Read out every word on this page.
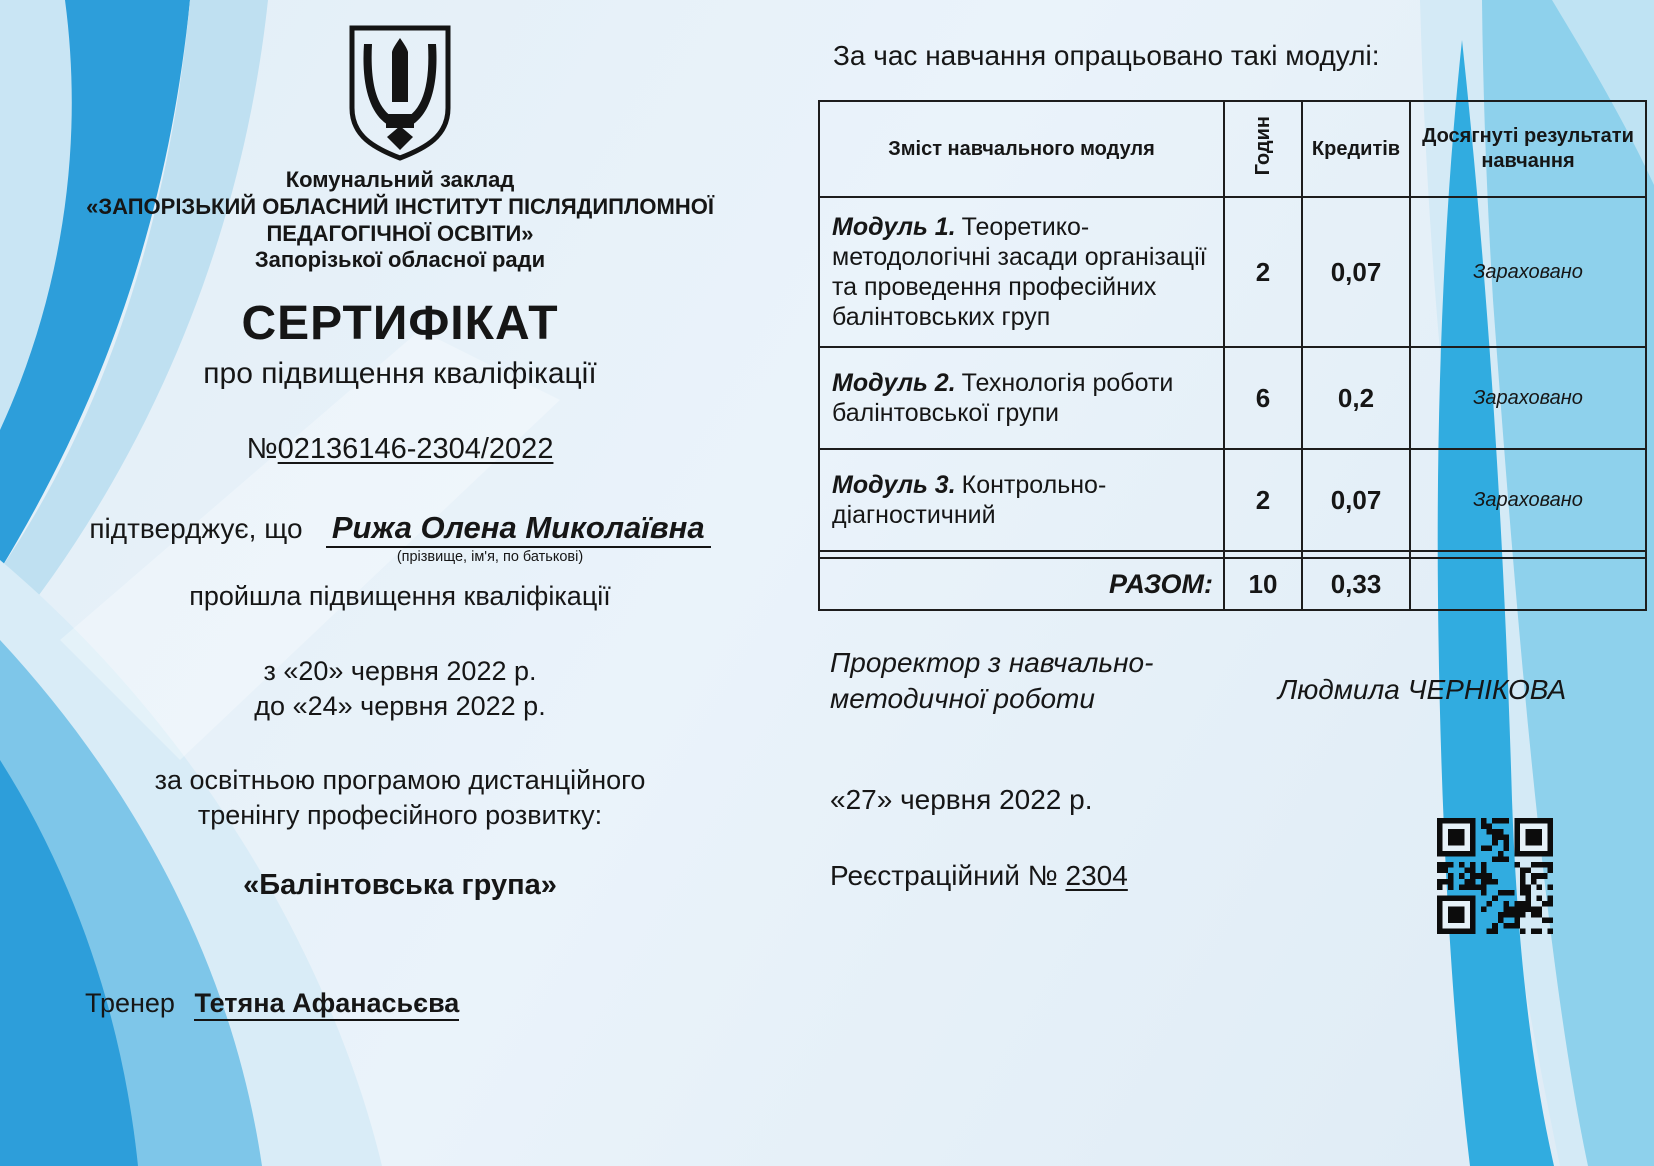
Комунальний заклад
«ЗАПОРІЗЬКИЙ ОБЛАСНИЙ ІНСТИТУТ ПІСЛЯДИПЛОМНОЇ
ПЕДАГОГІЧНОЇ ОСВІТИ»
Запорізької обласної ради
СЕРТИФІКАТ
про підвищення кваліфікації
№02136146-2304/2022
підтверджує, що Рижа Олена Миколаївна
(прізвище, ім'я, по батькові)
пройшла підвищення кваліфікації
з «20» червня 2022 р.
до «24» червня 2022 р.
за освітньою програмою дистанційного
тренінгу професійного розвитку:
«Балінтовська група»
Тренер Тетяна Афанасьєва
За час навчання опрацьовано такі модулі:
Зміст навчального модуля	Годин	Кредитів	Досягнуті результати навчання
Модуль 1. Теоретико-методологічні засади організації та проведення професійних балінтовських груп	2	0,07	Зараховано
Модуль 2. Технологія роботи балінтовської групи	6	0,2	Зараховано
Модуль 3. Контрольно-діагностичний	2	0,07	Зараховано

РАЗОМ:	10	0,33	
Проректор з навчально-
методичної роботи	Людмила ЧЕРНІКОВА
«27» червня 2022 р.
Реєстраційний № 2304
